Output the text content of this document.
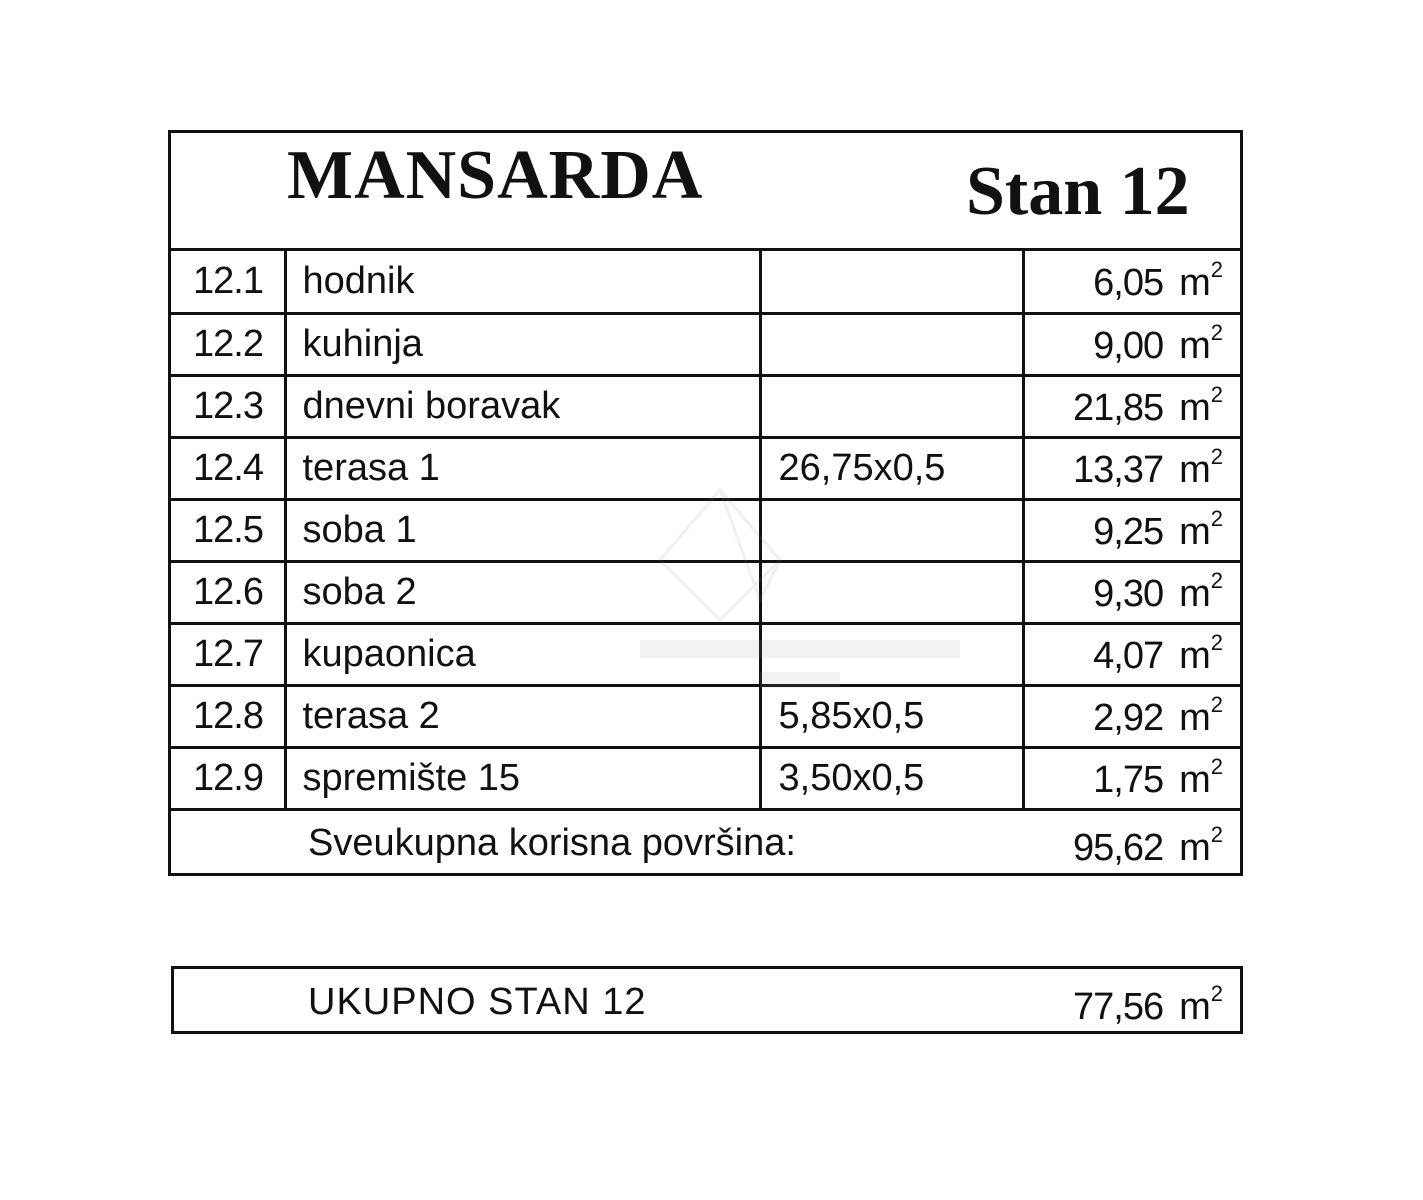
MANSARDA	Stan 12
12.1	hodnik		6,05 $m^2$
12.2	kuhinja		9,00 $m^2$
12.3	dnevni boravak		21,85 $m^2$
12.4	terasa 1	26,75x0,5	13,37 $m^2$
12.5	soba 1		9,25 $m^2$
12.6	soba 2		9,30 $m^2$
12.7	kupaonica		4,07 $m^2$
12.8	terasa 2	5,85x0,5	2,92 $m^2$
12.9	spremište 15	3,50x0,5	1,75 $m^2$
Sveukupna korisna površina:	95,62 $m^2$
UKUPNO STAN 12	77,56 $m^2$
